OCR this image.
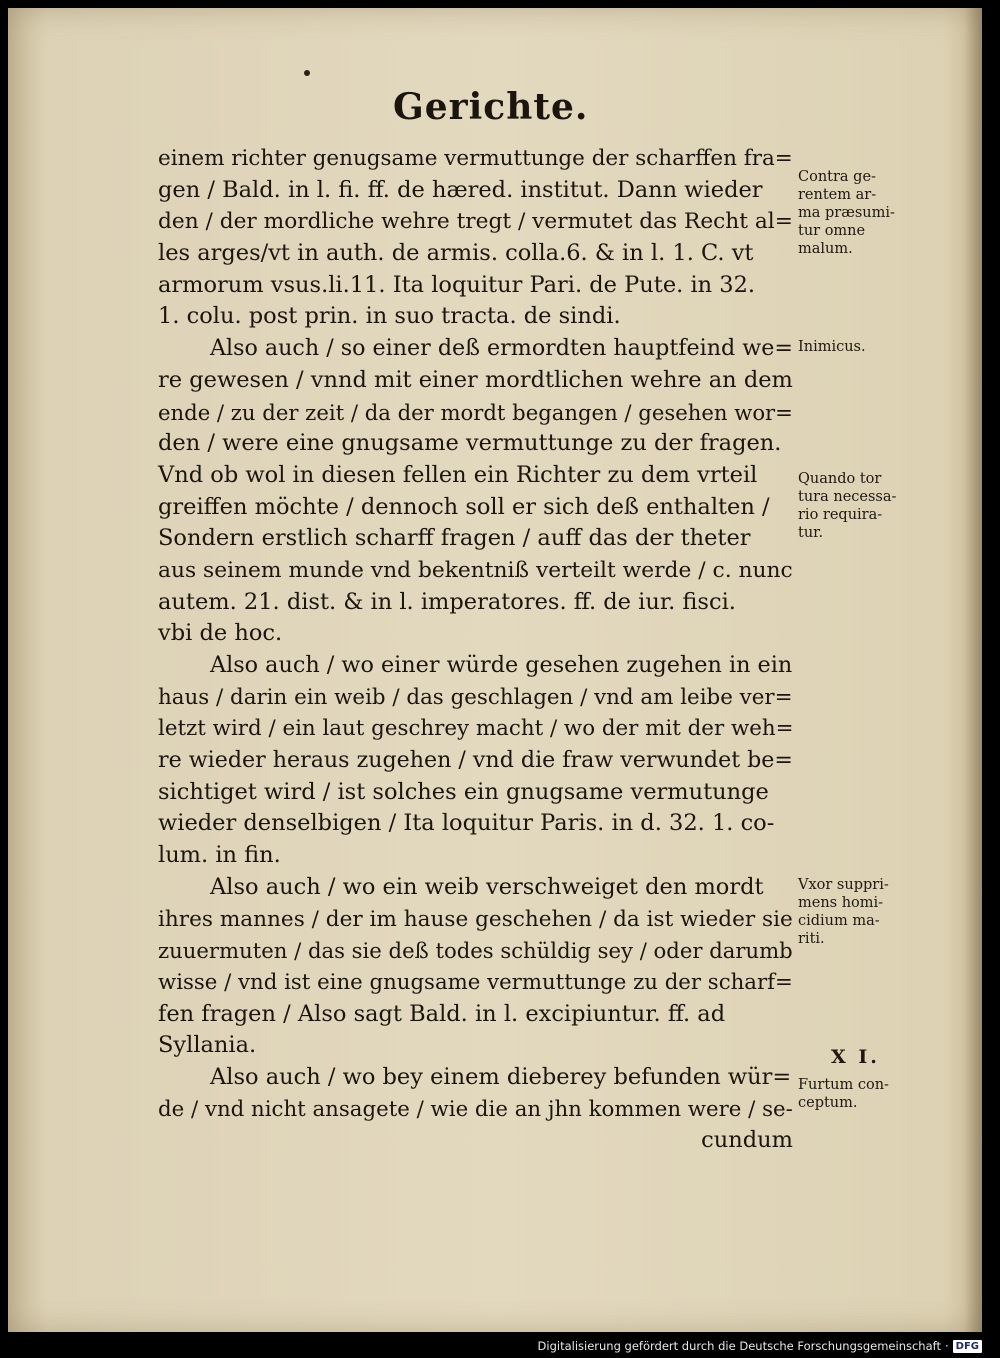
Gerichte.
einem richter genugsame vermuttunge der scharffen fra=
gen / Bald. in l. fi. ff. de hæred. institut. Dann wieder
den / der mordliche wehre tregt / vermutet das Recht al=
les arges/vt in auth. de armis. colla.6. & in l. 1. C. vt
armorum vsus.li.11. Ita loquitur Pari. de Pute. in 32.
1. colu. post prin. in suo tracta. de sindi.
Also auch / so einer deß ermordten hauptfeind we=
re gewesen / vnnd mit einer mordtlichen wehre an dem
ende / zu der zeit / da der mordt begangen / gesehen wor=
den / were eine gnugsame vermuttunge zu der fragen.
Vnd ob wol in diesen fellen ein Richter zu dem vrteil
greiffen möchte / dennoch soll er sich deß enthalten /
Sondern erstlich scharff fragen / auff das der theter
aus seinem munde vnd bekentniß verteilt werde / c. nunc
autem. 21. dist. & in l. imperatores. ff. de iur. fisci.
vbi de hoc.
Also auch / wo einer würde gesehen zugehen in ein
haus / darin ein weib / das geschlagen / vnd am leibe ver=
letzt wird / ein laut geschrey macht / wo der mit der weh=
re wieder heraus zugehen / vnd die fraw verwundet be=
sichtiget wird / ist solches ein gnugsame vermutunge
wieder denselbigen / Ita loquitur Paris. in d. 32. 1. co-
lum. in fin.
Also auch / wo ein weib verschweiget den mordt
ihres mannes / der im hause geschehen / da ist wieder sie
zuuermuten / das sie deß todes schüldig sey / oder darumb
wisse / vnd ist eine gnugsame vermuttunge zu der scharf=
fen fragen / Also sagt Bald. in l. excipiuntur. ff. ad
Syllania.
Also auch / wo bey einem dieberey befunden wür=
de / vnd nicht ansagete / wie die an jhn kommen were / se-
cundum
Contra ge-
rentem ar-
ma præsumi-
tur omne
malum.
Inimicus.
Quando tor
tura necessa-
rio requira-
tur.
Vxor suppri-
mens homi-
cidium ma-
riti.
Furtum con-
ceptum.
X I.
Digitalisierung gefördert durch die Deutsche Forschungsgemeinschaft · DFG
